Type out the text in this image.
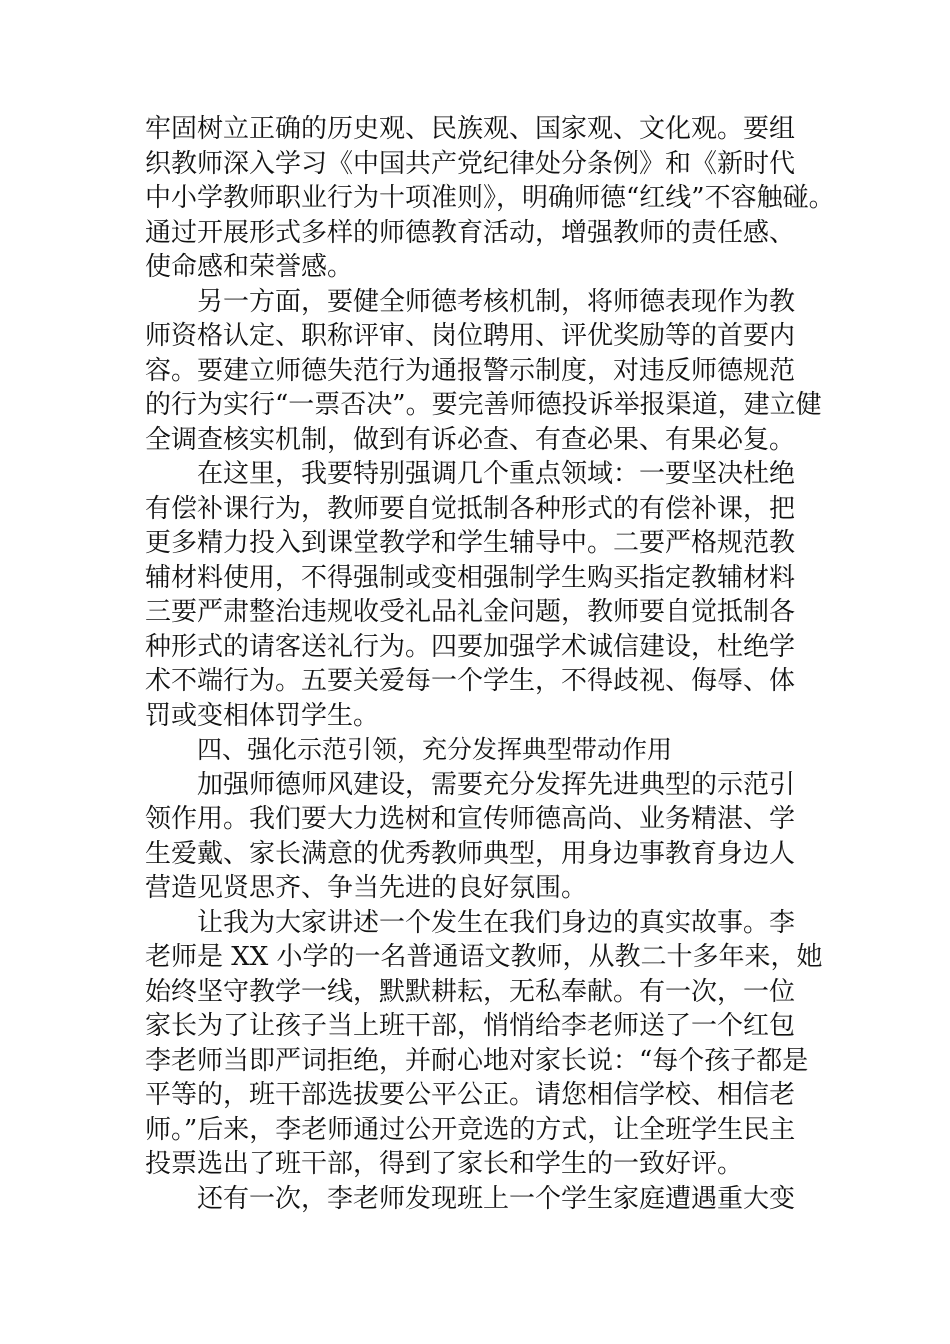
牢固树立正确的历史观、民族观、国家观、文化观。要组
织教师深入学习《中国共产党纪律处分条例》和《新时代
中小学教师职业行为十项准则》，明确师德“红线”不容触碰。
通过开展形式多样的师德教育活动，增强教师的责任感、
使命感和荣誉感。
另一方面，要健全师德考核机制，将师德表现作为教
师资格认定、职称评审、岗位聘用、评优奖励等的首要内
容。要建立师德失范行为通报警示制度，对违反师德规范
的行为实行“一票否决”。要完善师德投诉举报渠道，建立健
全调查核实机制，做到有诉必查、有查必果、有果必复。
在这里，我要特别强调几个重点领域：一要坚决杜绝
有偿补课行为，教师要自觉抵制各种形式的有偿补课，把
更多精力投入到课堂教学和学生辅导中。二要严格规范教
辅材料使用，不得强制或变相强制学生购买指定教辅材料
三要严肃整治违规收受礼品礼金问题，教师要自觉抵制各
种形式的请客送礼行为。四要加强学术诚信建设，杜绝学
术不端行为。五要关爱每一个学生，不得歧视、侮辱、体
罚或变相体罚学生。
四、强化示范引领，充分发挥典型带动作用
加强师德师风建设，需要充分发挥先进典型的示范引
领作用。我们要大力选树和宣传师德高尚、业务精湛、学
生爱戴、家长满意的优秀教师典型，用身边事教育身边人
营造见贤思齐、争当先进的良好氛围。
让我为大家讲述一个发生在我们身边的真实故事。李
老师是 XX 小学的一名普通语文教师，从教二十多年来，她
始终坚守教学一线，默默耕耘，无私奉献。有一次，一位
家长为了让孩子当上班干部，悄悄给李老师送了一个红包
李老师当即严词拒绝，并耐心地对家长说：“每个孩子都是
平等的，班干部选拔要公平公正。请您相信学校、相信老
师。”后来，李老师通过公开竞选的方式，让全班学生民主
投票选出了班干部，得到了家长和学生的一致好评。
还有一次，李老师发现班上一个学生家庭遭遇重大变
